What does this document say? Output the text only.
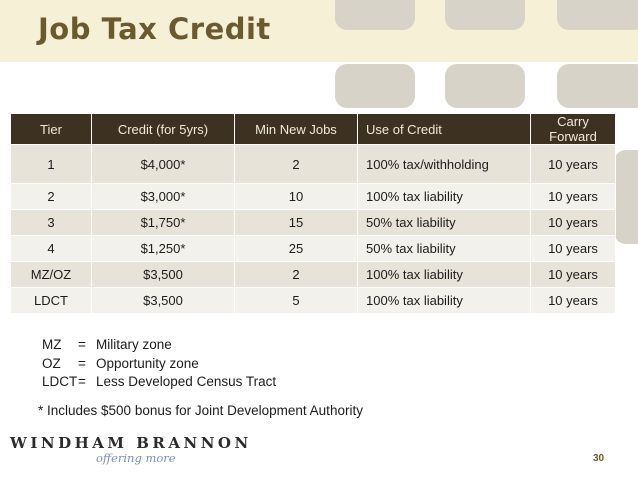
Job Tax Credit
Tier	Credit (for 5yrs)	Min New Jobs	Use of Credit	Carry Forward
1	$4,000*	2	100% tax/withholding	10 years
2	$3,000*	10	100% tax liability	10 years
3	$1,750*	15	50% tax liability	10 years
4	$1,250*	25	50% tax liability	10 years
MZ/OZ	$3,500	2	100% tax liability	10 years
LDCT	$3,500	5	100% tax liability	10 years
MZ = Military zone
OZ = Opportunity zone
LDCT= Less Developed Census Tract
* Includes $500 bonus for Joint Development Authority
WINDHAM BRANNON
offering more	30
